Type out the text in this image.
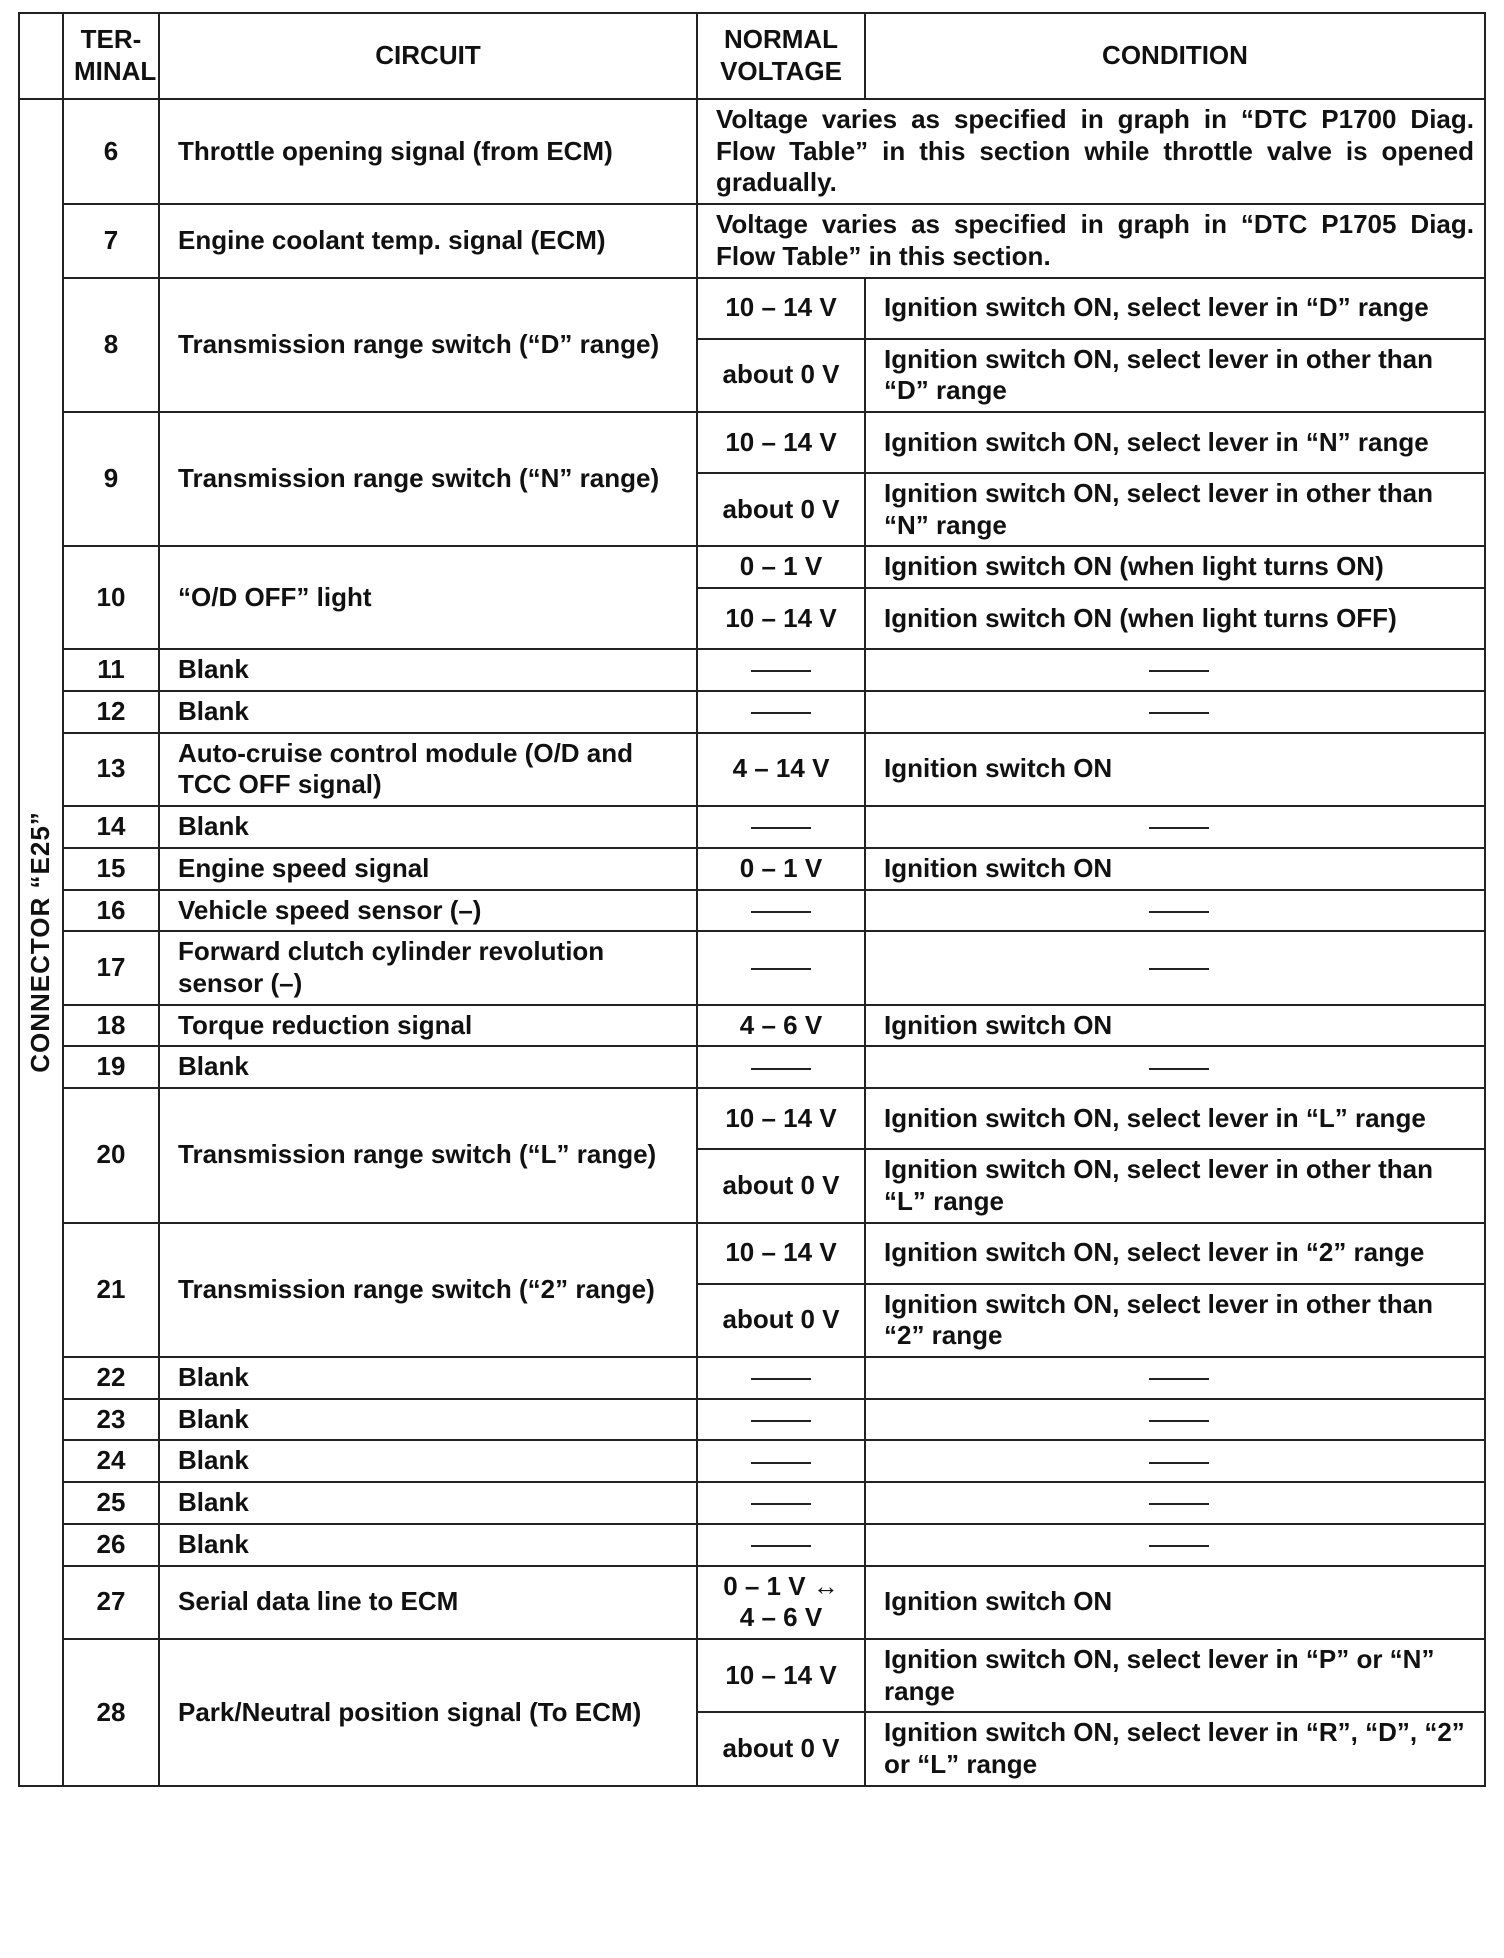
	TER-
MINAL	CIRCUIT	NORMAL
VOLTAGE	CONDITION

CONNECTOR “E25”	6	Throttle opening signal (from ECM)	Voltage varies as specified in graph in “DTC P1700 Diag. Flow Table” in this section while throttle valve is opened gradually.	
	7	Engine coolant temp. signal (ECM)	Voltage varies as specified in graph in “DTC P1705 Diag. Flow Table” in this section.	
	8	Transmission range switch (“D” range)	10 – 14 V	Ignition switch ON, select lever in “D” range
			about 0 V	Ignition switch ON, select lever in other than “D” range
	9	Transmission range switch (“N” range)	10 – 14 V	Ignition switch ON, select lever in “N” range
			about 0 V	Ignition switch ON, select lever in other than “N” range
	10	“O/D OFF” light	0 – 1 V	Ignition switch ON (when light turns ON)
			10 – 14 V	Ignition switch ON (when light turns OFF)
	11	Blank		
	12	Blank		
	13	Auto-cruise control module (O/D and TCC OFF signal)	4 – 14 V	Ignition switch ON
	14	Blank		
	15	Engine speed signal	0 – 1 V	Ignition switch ON
	16	Vehicle speed sensor (–)		
	17	Forward clutch cylinder revolution sensor (–)		
	18	Torque reduction signal	4 – 6 V	Ignition switch ON
	19	Blank		
	20	Transmission range switch (“L” range)	10 – 14 V	Ignition switch ON, select lever in “L” range
			about 0 V	Ignition switch ON, select lever in other than “L” range
	21	Transmission range switch (“2” range)	10 – 14 V	Ignition switch ON, select lever in “2” range
			about 0 V	Ignition switch ON, select lever in other than “2” range
	22	Blank		
	23	Blank		
	24	Blank		
	25	Blank		
	26	Blank		
	27	Serial data line to ECM	0 – 1 V ↔
4 – 6 V	Ignition switch ON
	28	Park/Neutral position signal (To ECM)	10 – 14 V	Ignition switch ON, select lever in “P” or “N” range
			about 0 V	Ignition switch ON, select lever in “R”, “D”, “2” or “L” range
